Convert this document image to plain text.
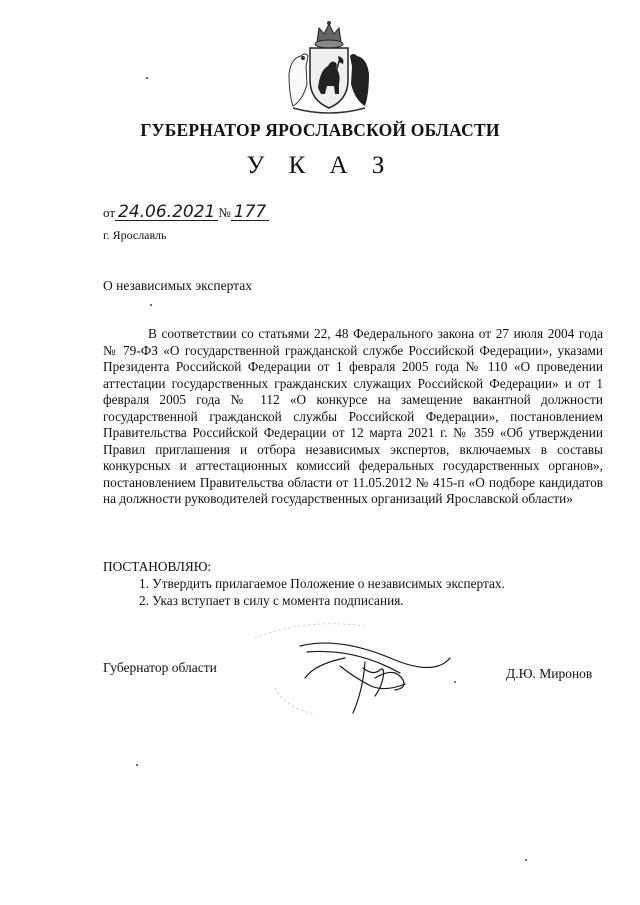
ГУБЕРНАТОР ЯРОСЛАВСКОЙ ОБЛАСТИ
У К А З
от 24.06.2021 № 177
г. Ярославль
О независимых экспертах

В соответствии со статьями 22, 48 Федерального закона от 27 июля 2004 года № 79-ФЗ «О государственной гражданской службе Российской Федерации», указами Президента Российской Федерации от 1 февраля 2005 года № 110 «О проведении аттестации государственных гражданских служащих Российской Федерации» и от 1 февраля 2005 года № 112 «О конкурсе на замещение вакантной должности государственной гражданской службы Российской Федерации», постановлением Правительства Российской Федерации от 12 марта 2021 г. № 359 «Об утверждении Правил приглашения и отбора независимых экспертов, включаемых в составы конкурсных и аттестационных комиссий федеральных государственных органов», постановлением Правительства области от 11.05.2012 № 415-п «О подборе кандидатов на должности руководителей государственных организаций Ярославской области»

ПОСТАНОВЛЯЮ:
1. Утвердить прилагаемое Положение о независимых экспертах.
2. Указ вступает в силу с момента подписания.
Губернатор области	Д.Ю. Миронов
